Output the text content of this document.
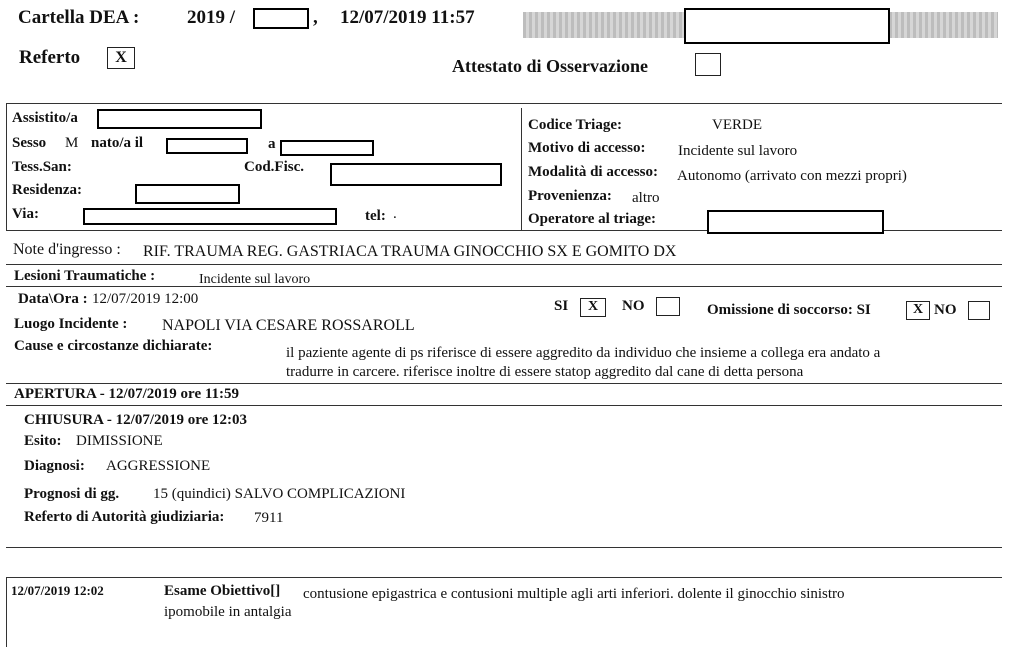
Cartella DEA :	2019 /	, 12/07/2019 11:57
Referto	X	Attestato di Osservazione
Assistito/a
Sesso M nato/a il	a
Tess.San:	Cod.Fisc.
Residenza:
Via:	tel: .
Codice Triage:	VERDE
Motivo di accesso: Incidente sul lavoro
Modalità di accesso: Autonomo (arrivato con mezzi propri)
Provenienza: altro
Operatore al triage:
Note d'ingresso : RIF. TRAUMA REG. GASTRIACA TRAUMA GINOCCHIO SX E GOMITO DX
Lesioni Traumatiche :	Incidente sul lavoro
Data\Ora : 12/07/2019 12:00	SI	X	NO	Omissione di soccorso: SI	X NO
Luogo Incidente : NAPOLI VIA CESARE ROSSAROLL
Cause e circostanze dichiarate:	il paziente agente di ps riferisce di essere aggredito da individuo che insieme a collega era andato a
tradurre in carcere. riferisce inoltre di essere statop aggredito dal cane di detta persona
APERTURA - 12/07/2019 ore 11:59
CHIUSURA - 12/07/2019 ore 12:03
Esito: DIMISSIONE
Diagnosi: AGGRESSIONE
Prognosi di gg. 15 (quindici) SALVO COMPLICAZIONI
Referto di Autorità giudiziaria: 7911
12/07/2019 12:02	Esame Obiettivo[] contusione epigastrica e contusioni multiple agli arti inferiori. dolente il ginocchio sinistro
ipomobile in antalgia
